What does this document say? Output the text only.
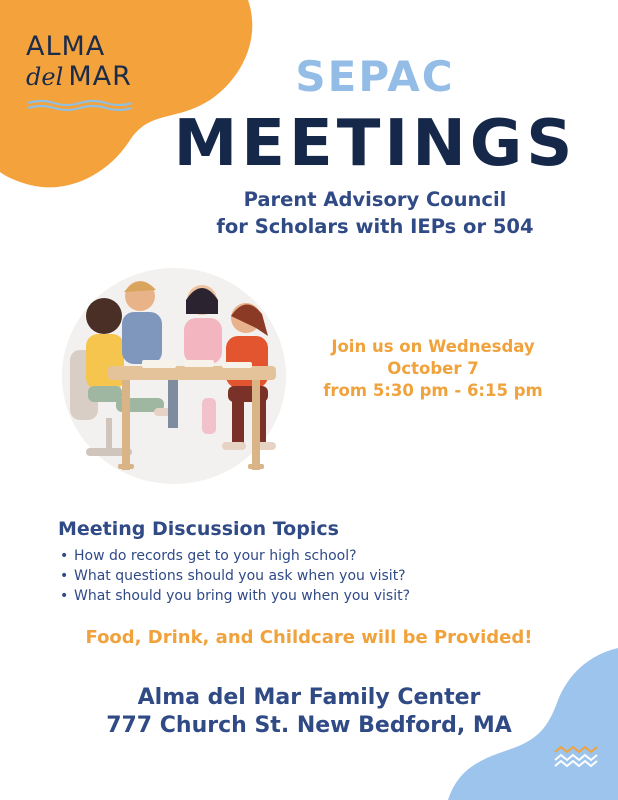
ALMA
del MAR	SEPAC
MEETINGS
Parent Advisory Council
for Scholars with IEPs or 504
Join us on Wednesday
October 7
from 5:30 pm - 6:15 pm
Meeting Discussion Topics
• How do records get to your high school?
• What questions should you ask when you visit?
• What should you bring with you when you visit?
Food, Drink, and Childcare will be Provided!
Alma del Mar Family Center
777 Church St. New Bedford, MA
